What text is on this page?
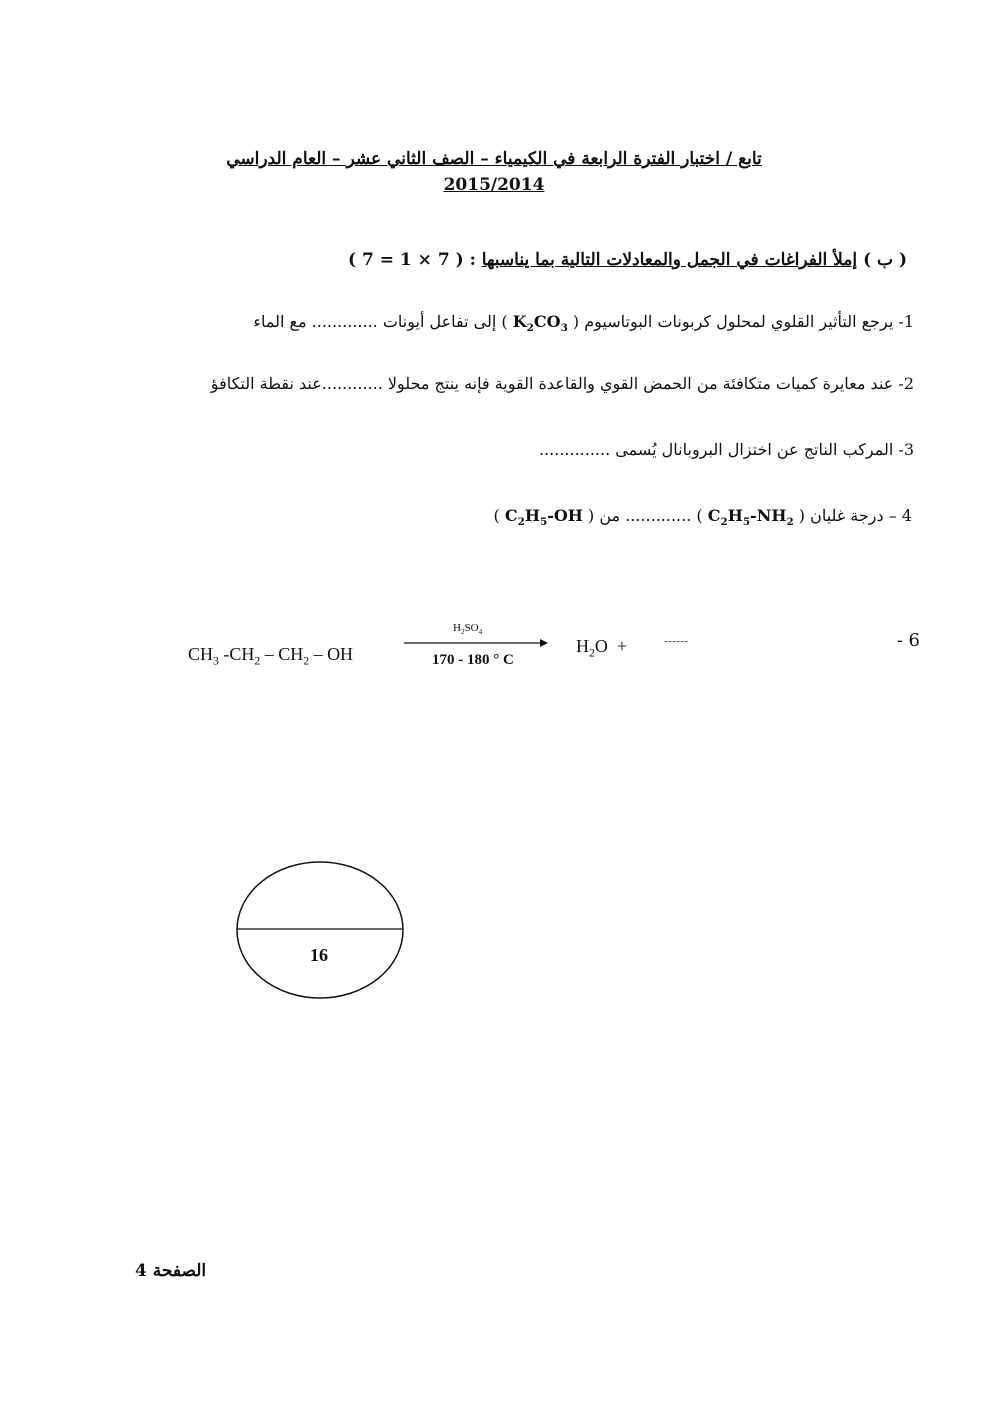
تابع / اختبار الفترة الرابعة في الكيمياء – الصف الثاني عشر – العام الدراسي
2015/2014
( ب ) إملأ الفراغات في الجمل والمعادلات التالية بما يناسبها : ( 7 × 1 = 7 )
1- يرجع التأثير القلوي لمحلول كربونات البوتاسيوم ( $K_2CO_3$ ) إلى تفاعل أيونات ............. مع الماء
2- عند معايرة كميات متكافئة من الحمض القوي والقاعدة القوية فإنه ينتج محلولا ............عند نقطة التكافؤ
3- المركب الناتج عن اختزال البروبانال يُسمى ..............
4 – درجة غليان ( $C_2H_5-NH_2$ ) ............. من ( $C_2H_5-OH$ )
6 -
$CH_3$ $-CH_2 - CH_2$ – OH
$H_2SO_4$
170 - 180 ° C
$H_2O$  +	------
16
الصفحة 4
